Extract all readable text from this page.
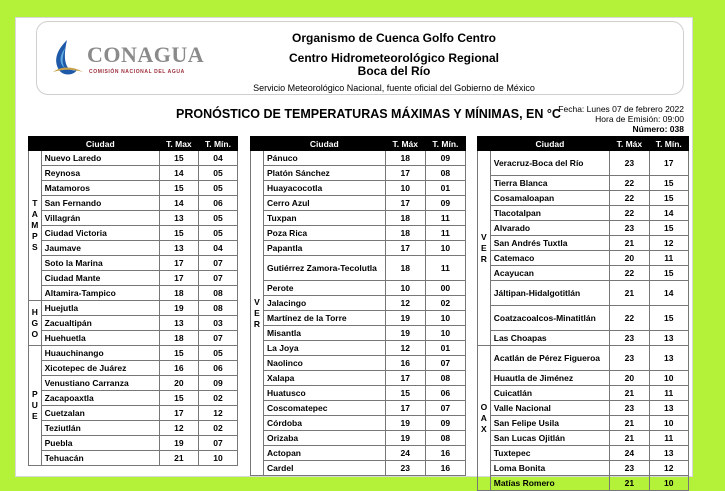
CONAGUA
COMISIÓN NACIONAL DEL AGUA
Organismo de Cuenca Golfo Centro
Centro Hidrometeorológico Regional
Boca del Río
Servicio Meteorológico Nacional, fuente oficial del Gobierno de México
PRONÓSTICO DE TEMPERATURAS MÁXIMAS Y MÍNIMAS, EN °C
Fecha: Lunes 07 de febrero 2022
Hora de Emisión: 09:00
Número: 038
	Ciudad	T. Max	T. Mín.
T
A
M
P
S	Nuevo Laredo	15	04
	Reynosa	14	05
	Matamoros	15	05
	San Fernando	14	06
	Villagrán	13	05
	Ciudad Victoria	15	05
	Jaumave	13	04
	Soto la Marina	17	07
	Ciudad Mante	17	07
	Altamira-Tampico	18	08
H
G
O	Huejutla	19	08
	Zacualtipán	13	03
	Huehuetla	18	07
P
U
E	Huauchinango	15	05
	Xicotepec de Juárez	16	06
	Venustiano Carranza	20	09
	Zacapoaxtla	15	02
	Cuetzalan	17	12
	Teziutlán	12	02
	Puebla	19	07
	Tehuacán	21	10
	Ciudad	T. Máx	T. Mín.
V
E
R	Pánuco	18	09
	Platón Sánchez	17	08
	Huayacocotla	10	01
	Cerro Azul	17	09
	Tuxpan	18	11
	Poza Rica	18	11
	Papantla	17	10
	Gutiérrez Zamora-Tecolutla	18	11
	Perote	10	00
	Jalacingo	12	02
	Martínez de la Torre	19	10
	Misantla	19	10
	La Joya	12	01
	Naolinco	16	07
	Xalapa	17	08
	Huatusco	15	06
	Coscomatepec	17	07
	Córdoba	19	09
	Orizaba	19	08
	Actopan	24	16
	Cardel	23	16
	Ciudad	T. Máx	T. Mín.
V
E
R	Veracruz-Boca del Río	23	17
	Tierra Blanca	22	15
	Cosamaloapan	22	15
	Tlacotalpan	22	14
	Alvarado	23	15
	San Andrés Tuxtla	21	12
	Catemaco	20	11
	Acayucan	22	15
	Jáltipan-Hidalgotitlán	21	14
	Coatzacoalcos-Minatitlán	22	15
	Las Choapas	23	13
O
A
X	Acatlán de Pérez Figueroa	23	13
	Huautla de Jiménez	20	10
	Cuicatlán	21	11
	Valle Nacional	23	13
	San Felipe Usila	21	10
	San Lucas Ojitlán	21	11
	Tuxtepec	24	13
	Loma Bonita	23	12
	Matías Romero	21	10
